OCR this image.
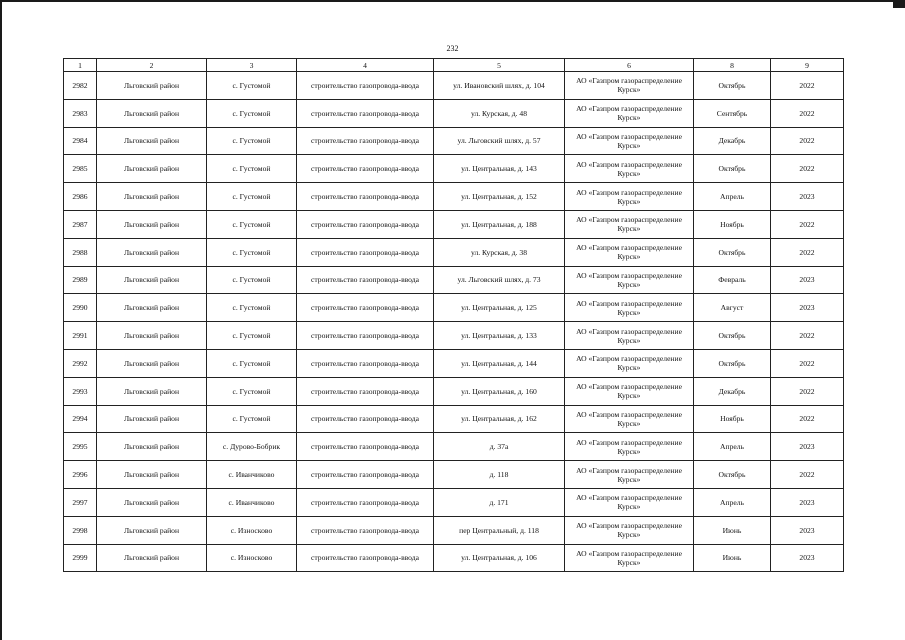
232
1	2	3	4	5	6	8	9
2982	Льговский район	с. Густомой	строительство газопровода-ввода	ул. Ивановский шлях, д. 104	АО «Газпром газораспределение Курск»	Октябрь	2022
2983	Льговский район	с. Густомой	строительство газопровода-ввода	ул. Курская, д. 48	АО «Газпром газораспределение Курск»	Сентябрь	2022
2984	Льговский район	с. Густомой	строительство газопровода-ввода	ул. Льговский шлях, д. 57	АО «Газпром газораспределение Курск»	Декабрь	2022
2985	Льговский район	с. Густомой	строительство газопровода-ввода	ул. Центральная, д. 143	АО «Газпром газораспределение Курск»	Октябрь	2022
2986	Льговский район	с. Густомой	строительство газопровода-ввода	ул. Центральная, д. 152	АО «Газпром газораспределение Курск»	Апрель	2023
2987	Льговский район	с. Густомой	строительство газопровода-ввода	ул. Центральная, д. 188	АО «Газпром газораспределение Курск»	Ноябрь	2022
2988	Льговский район	с. Густомой	строительство газопровода-ввода	ул. Курская, д. 38	АО «Газпром газораспределение Курск»	Октябрь	2022
2989	Льговский район	с. Густомой	строительство газопровода-ввода	ул. Льговский шлях, д. 73	АО «Газпром газораспределение Курск»	Февраль	2023
2990	Льговский район	с. Густомой	строительство газопровода-ввода	ул. Центральная, д. 125	АО «Газпром газораспределение Курск»	Август	2023
2991	Льговский район	с. Густомой	строительство газопровода-ввода	ул. Центральная, д. 133	АО «Газпром газораспределение Курск»	Октябрь	2022
2992	Льговский район	с. Густомой	строительство газопровода-ввода	ул. Центральная, д. 144	АО «Газпром газораспределение Курск»	Октябрь	2022
2993	Льговский район	с. Густомой	строительство газопровода-ввода	ул. Центральная, д. 160	АО «Газпром газораспределение Курск»	Декабрь	2022
2994	Льговский район	с. Густомой	строительство газопровода-ввода	ул. Центральная, д. 162	АО «Газпром газораспределение Курск»	Ноябрь	2022
2995	Льговский район	с. Дурово-Бобрик	строительство газопровода-ввода	д. 37а	АО «Газпром газораспределение Курск»	Апрель	2023
2996	Льговский район	с. Иванчиково	строительство газопровода-ввода	д. 118	АО «Газпром газораспределение Курск»	Октябрь	2022
2997	Льговский район	с. Иванчиково	строительство газопровода-ввода	д. 171	АО «Газпром газораспределение Курск»	Апрель	2023
2998	Льговский район	с. Износково	строительство газопровода-ввода	пер Центральный, д. 118	АО «Газпром газораспределение Курск»	Июнь	2023
2999	Льговский район	с. Износково	строительство газопровода-ввода	ул. Центральная, д. 106	АО «Газпром газораспределение Курск»	Июнь	2023
